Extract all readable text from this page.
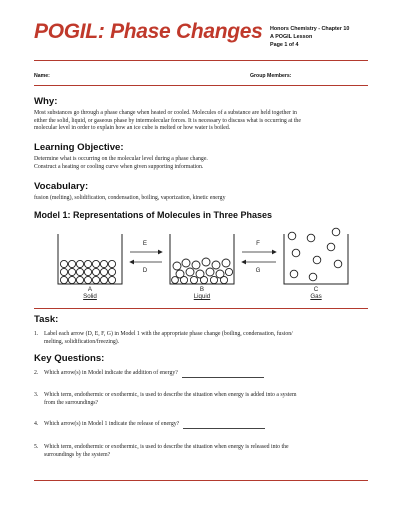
POGIL: Phase Changes Honors Chemistry - Chapter 10
A POGIL Lesson
Page 1 of 4
Name:	Group Members:
Why:
Most substances go through a phase change when heated or cooled. Molecules of a substance are held together in
either the solid, liquid, or gaseous phase by intermolecular forces. It is necessary to discuss what is occurring at the
molecular level in order to explain how an ice cube is melted or how water is boiled.
Learning Objective:
Determine what is occurring on the molecular level during a phase change.
Construct a heating or cooling curve when given supporting information.
Vocabulary:
fusion (melting), solidification, condensation, boiling, vaporization, kinetic energy
Model 1: Representations of Molecules in Three Phases
E
D
F
G
A
Solid
B
Liquid
C
Gas
Task:
1. Label each arrow (D, E, F, G) in Model 1 with the appropriate phase change (boiling, condensation, fusion/
melting, solidification/freezing).
Key Questions:
2. Which arrow(s) in Model indicate the addition of energy?
3. Which term, endothermic or exothermic, is used to describe the situation when energy is added into a system
from the surroundings?
4. Which arrow(s) in Model 1 indicate the release of energy?
5. Which term, endothermic or exothermic, is used to describe the situation when energy is released into the
surroundings by the system?
